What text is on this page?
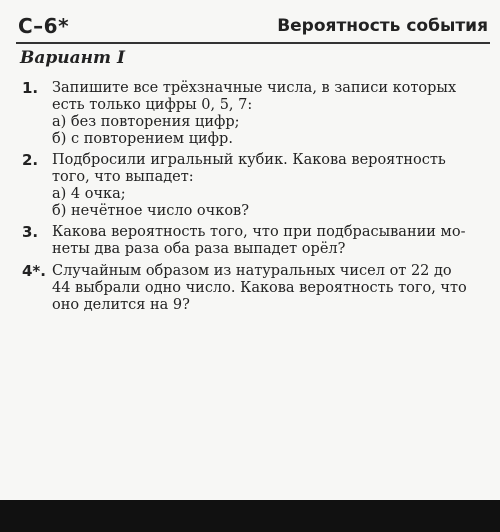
С–6*	Вероятность события
Вариант I
1. Запишите все трёхзначные числа, в записи которых
есть только цифры 0, 5, 7:
а) без повторения цифр;
б) с повторением цифр.
2. Подбросили игральный кубик. Какова вероятность
того, что выпадет:
а) 4 очка;
б) нечётное число очков?
3. Какова вероятность того, что при подбрасывании мо-
неты два раза оба раза выпадет орёл?
4*. Случайным образом из натуральных чисел от 22 до
44 выбрали одно число. Какова вероятность того, что
оно делится на 9?
